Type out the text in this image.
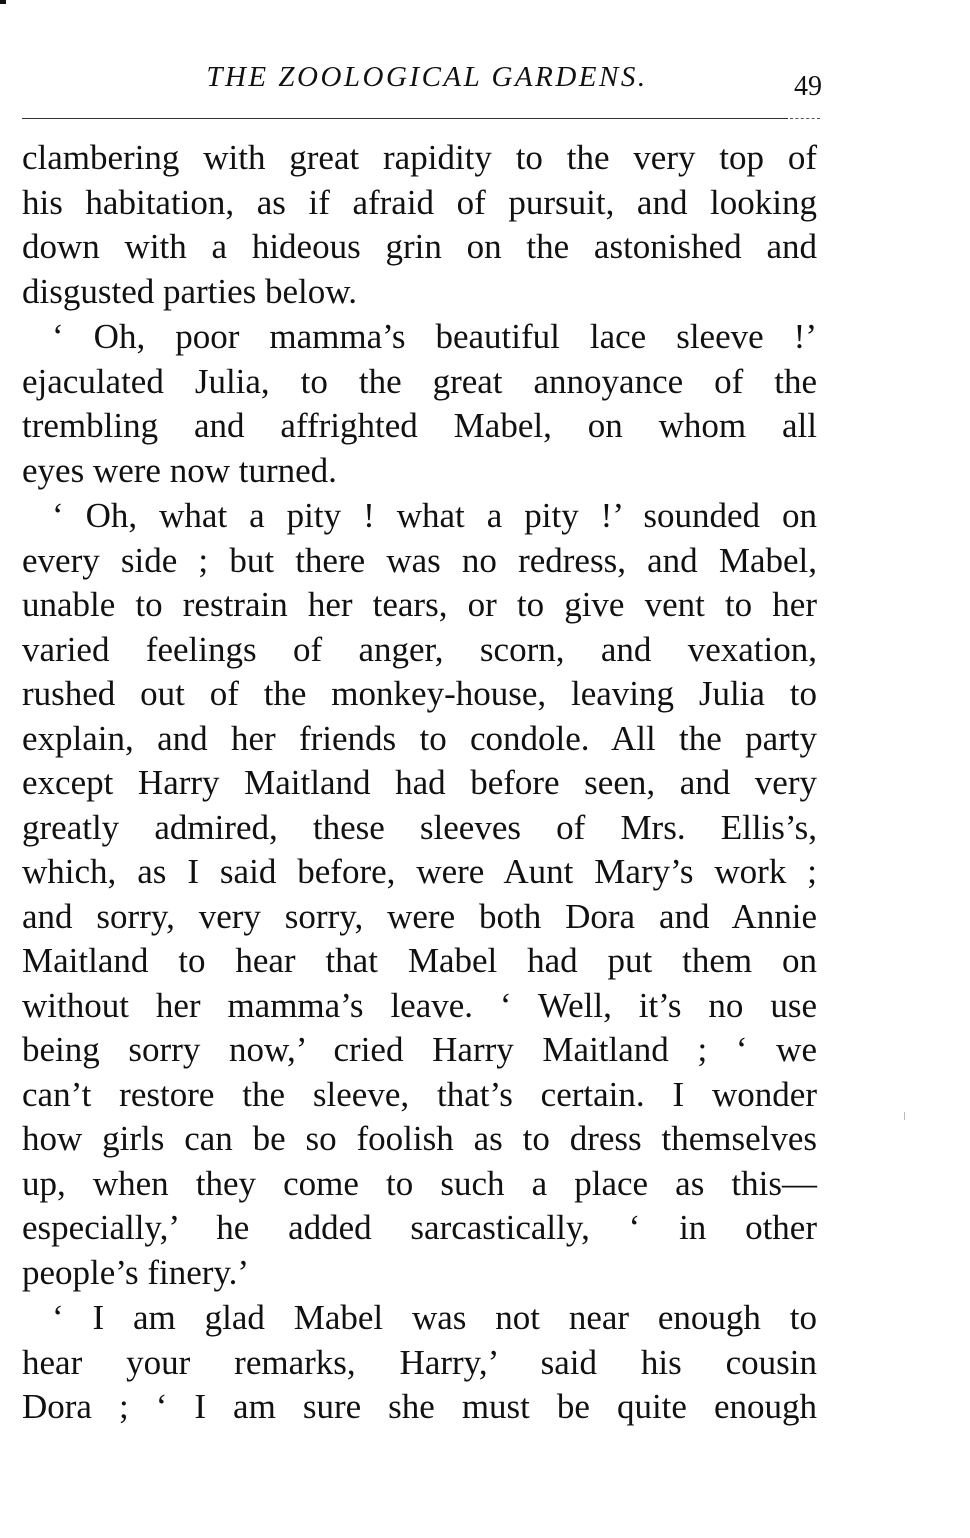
THE ZOOLOGICAL GARDENS.	49
clambering with great rapidity to the very top of
his habitation, as if afraid of pursuit, and looking
down with a hideous grin on the astonished and
disgusted parties below.
‘ Oh, poor mamma’s beautiful lace sleeve !’
ejaculated Julia, to the great annoyance of the
trembling and affrighted Mabel, on whom all
eyes were now turned.
‘ Oh, what a pity ! what a pity !’ sounded on
every side ; but there was no redress, and Mabel,
unable to restrain her tears, or to give vent to her
varied feelings of anger, scorn, and vexation,
rushed out of the monkey-house, leaving Julia to
explain, and her friends to condole. All the party
except Harry Maitland had before seen, and very
greatly admired, these sleeves of Mrs. Ellis’s,
which, as I said before, were Aunt Mary’s work ;
and sorry, very sorry, were both Dora and Annie
Maitland to hear that Mabel had put them on
without her mamma’s leave. ‘ Well, it’s no use
being sorry now,’ cried Harry Maitland ; ‘ we
can’t restore the sleeve, that’s certain. I wonder
how girls can be so foolish as to dress themselves
up, when they come to such a place as this—
especially,’ he added sarcastically, ‘ in other
people’s finery.’
‘ I am glad Mabel was not near enough to
hear your remarks, Harry,’ said his cousin
Dora ; ‘ I am sure she must be quite enough
